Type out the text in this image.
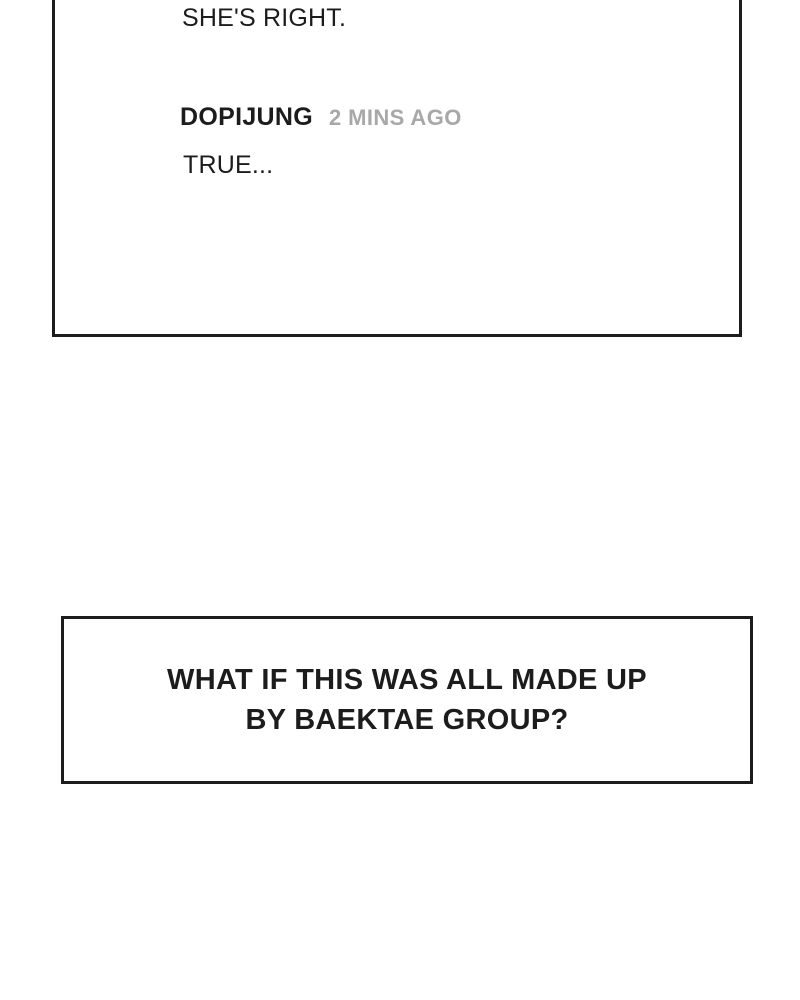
SHE'S RIGHT.
DOPIJUNG 2 MINS AGO
TRUE...
WHAT IF THIS WAS ALL MADE UP
BY BAEKTAE GROUP?
